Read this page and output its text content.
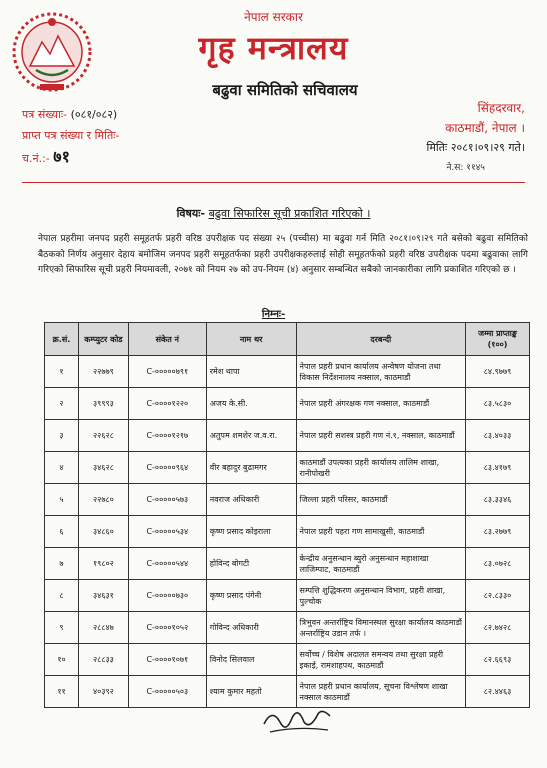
नेपाल सरकार
गृह मन्त्रालय
बढुवा समितिको सचिवालय
पत्र संख्याः- (०८१/०८२)
प्राप्त पत्र संख्या र मितिः-
च.नं.:- ७१
सिंहदरवार,
काठमाडौं, नेपाल ।
मितिः २०८१।०९।२९ गते।
ने.स: ११४५
विषयः- बढुवा सिफारिस सूची प्रकाशित गरिएको ।
नेपाल प्रहरीमा जनपद प्रहरी समूहतर्फ प्रहरी वरिष्ठ उपरीक्षक पद संख्या २५ (पच्चीस) मा बढुवा गर्न मिति २०८१।०९।२९ गते बसेको बढुवा समितिको बैठकको निर्णय अनुसार देहाय बमोजिम जनपद प्रहरी समूहतर्फका प्रहरी उपरीक्षकहरुलाई सोही समूहतर्फको प्रहरी वरिष्ठ उपरीक्षक पदमा बढुवाका लागि गरिएको सिफारिस सूची प्रहरी नियमावली, २०७१ को नियम २७ को उप-नियम (४) अनुसार सम्बन्धित सबैको जानकारीका लागि प्रकाशित गरिएको छ ।
निम्नः-
क्र.सं.	कम्प्युटर कोड	संकेत नं	नाम थर	दरबन्दी	जम्मा प्राप्ताङ्क (१००)
१	२२७७९	C-०००००७९१	रमेश थापा	नेपाल प्रहरी प्रधान कार्यालय अन्वेषण योजना तथा विकास निर्देशनालय नक्साल, काठमाडौं	८४.९७७९
२	३९९९३	C-००००१२२०	अजय के.सी.	नेपाल प्रहरी अंगरक्षक गण नक्साल, काठमाडौं	८३.५८३०
३	२२६२८	C-००००१२१७	अतुपम शमशेर ज.व.रा.	नेपाल प्रहरी सशस्त्र प्रहरी गण नं.१, नक्साल, काठमाडौं	८३.४०३३
४	३४६२८	C-०००००९६४	वीर बहादुर बुढामगर	काठमाडौं उपत्यका प्रहरी कार्यालय तालिम शाखा, रानीपोखरी	८३.४१७९
५	२२७८०	C-०००००५७३	नवराज अधिकारी	जिल्ला प्रहरी परिसर, काठमाडौं	८३.३३४६
६	३४८६०	C-०००००५३४	कृष्ण प्रसाद कोइराला	नेपाल प्रहरी पहरा गण सामाखुसी, काठमाडौं	८३.२७७९
७	१९८०२	C-०००००५४४	होविन्द बोगटी	केन्द्रीय अनुसन्धान ब्युरो अनुसन्धान महाशाखा लाजिम्पाट, काठमाडौं	८३.०७२८
८	३४६३१	C-०००००७३०	कृष्ण प्रसाद पंगेनी	सम्पत्ति शुद्धिकरण अनुसन्धान विभाग, प्रहरी शाखा, पुल्चोक	८२.८३३०
९	२८८४७	C-००००१०५२	गोविन्द अधिकारी	त्रिभुवन अन्तर्राष्ट्रिय विमानस्थल सुरक्षा कार्यालय काठमाडौं अन्तर्राष्ट्रिय उडान तर्फ ।	८२.७४२८
१०	२८८३३	C-००००१०७१	विनोद सिलवाल	सर्वोच्च / विशेष अदालत समन्वय तथा सुरक्षा प्रहरी इकाई, रामशाहपथ, काठमाडौं	८२.६६९३
११	४०३९२	C-०००००५०३	श्याम कुमार महतो	नेपाल प्रहरी प्रधान कार्यालय, सूचना विश्लेषण शाखा नक्साल काठमाडौं	८२.४४६३
